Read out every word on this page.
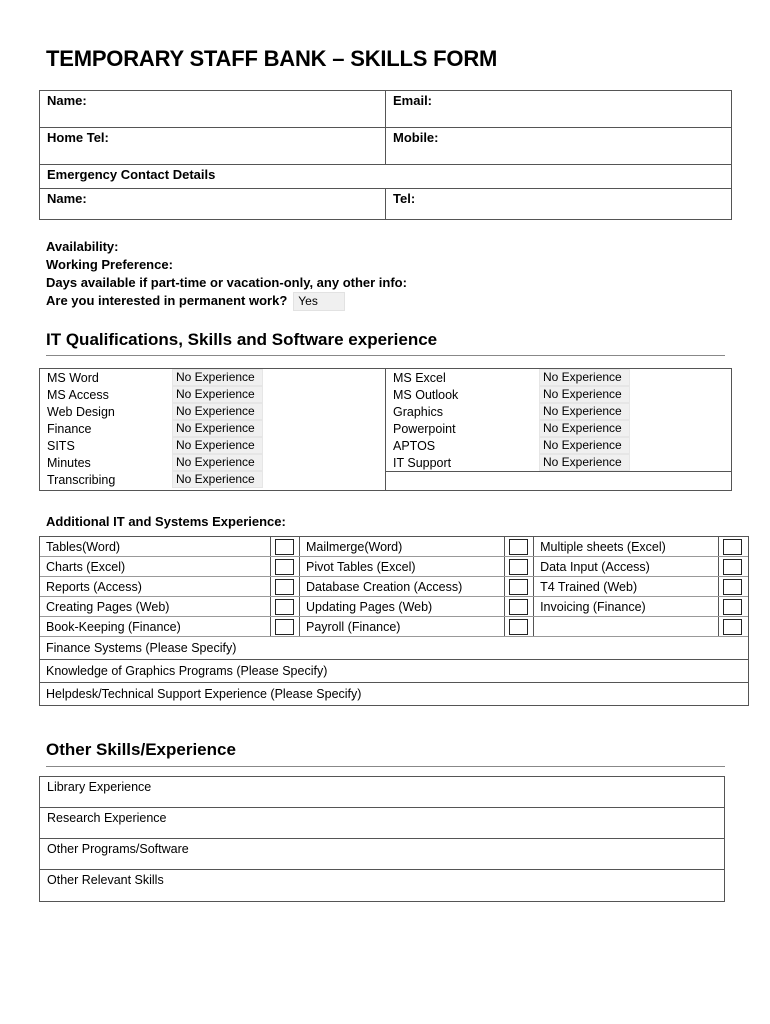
TEMPORARY STAFF BANK – SKILLS FORM
Name:	Email:
Home Tel:	Mobile:
Emergency Contact Details
Name:	Tel:
Availability:
Working Preference:
Days available if part-time or vacation-only, any other info:
Are you interested in permanent work? Yes
IT Qualifications, Skills and Software experience
MS Word	No Experience
MS Access	No Experience
Web Design	No Experience
Finance	No Experience
SITS	No Experience
Minutes	No Experience
Transcribing	No Experience
MS Excel	No Experience
MS Outlook	No Experience
Graphics	No Experience
Powerpoint	No Experience
APTOS	No Experience
IT Support	No Experience
Additional IT and Systems Experience:
Tables(Word)	Mailmerge(Word)	Multiple sheets (Excel)
Charts (Excel)	Pivot Tables (Excel)	Data Input (Access)
Reports (Access)	Database Creation (Access)	T4 Trained (Web)
Creating Pages (Web)	Updating Pages (Web)	Invoicing (Finance)
Book-Keeping (Finance)	Payroll (Finance)
Finance Systems (Please Specify)
Knowledge of Graphics Programs (Please Specify)
Helpdesk/Technical Support Experience (Please Specify)
Other Skills/Experience
Library Experience
Research Experience
Other Programs/Software
Other Relevant Skills
